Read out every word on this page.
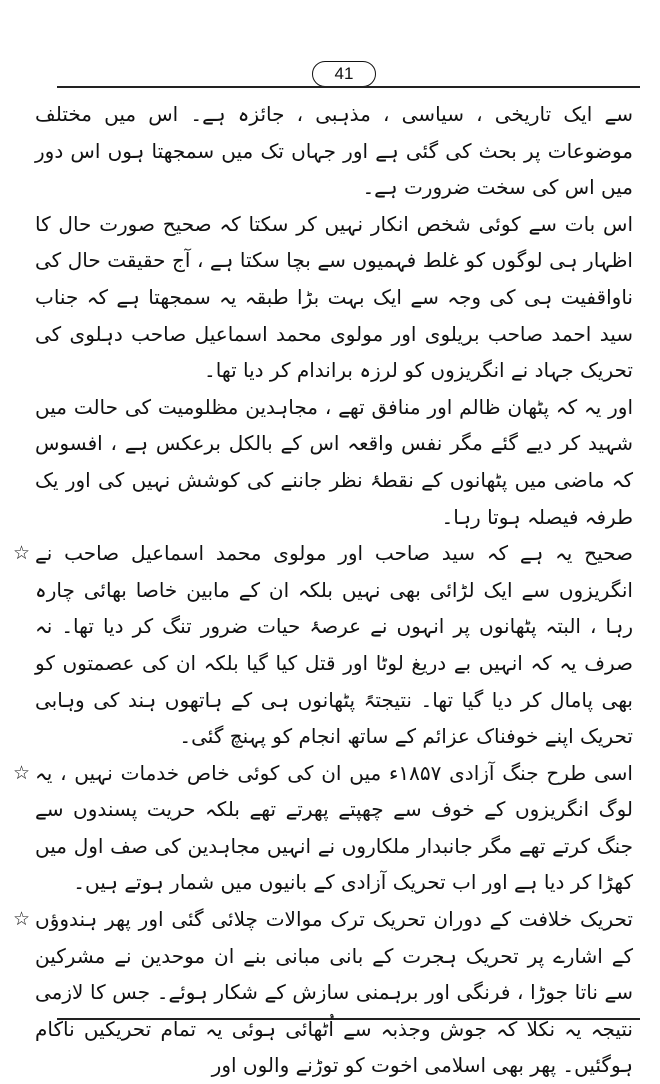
41

سے ایک تاریخی ، سیاسی ، مذہبی ، جائزہ ہے۔ اس میں مختلف موضوعات پر بحث کی گئی ہے اور جہاں تک میں سمجھتا ہوں اس دور میں اس کی سخت ضرورت ہے۔

اس بات سے کوئی شخص انکار نہیں کر سکتا کہ صحیح صورت حال کا اظہار ہی لوگوں کو غلط فہمیوں سے بچا سکتا ہے ، آج حقیقت حال کی ناواقفیت ہی کی وجہ سے ایک بہت بڑا طبقہ یہ سمجھتا ہے کہ جناب سید احمد صاحب بریلوی اور مولوی محمد اسماعیل صاحب دہلوی کی تحریک جہاد نے انگریزوں کو لرزہ براندام کر دیا تھا۔

اور یہ کہ پٹھان ظالم اور منافق تھے ، مجاہدین مظلومیت کی حالت میں شہید کر دیے گئے مگر نفس واقعہ اس کے بالکل برعکس ہے ، افسوس کہ ماضی میں پٹھانوں کے نقطۂ نظر جاننے کی کوشش نہیں کی اور یک طرفہ فیصلہ ہوتا رہا۔

☆ صحیح یہ ہے کہ سید صاحب اور مولوی محمد اسماعیل صاحب نے انگریزوں سے ایک لڑائی بھی نہیں بلکہ ان کے مابین خاصا بھائی چارہ رہا ، البتہ پٹھانوں پر انہوں نے عرصۂ حیات ضرور تنگ کر دیا تھا۔ نہ صرف یہ کہ انہیں بے دریغ لوٹا اور قتل کیا گیا بلکہ ان کی عصمتوں کو بھی پامال کر دیا گیا تھا۔ نتیجتہً پٹھانوں ہی کے ہاتھوں ہند کی وہابی تحریک اپنے خوفناک عزائم کے ساتھ انجام کو پہنچ گئی۔

☆ اسی طرح جنگ آزادی ۱۸۵۷ء میں ان کی کوئی خاص خدمات نہیں ، یہ لوگ انگریزوں کے خوف سے چھپتے پھرتے تھے بلکہ حریت پسندوں سے جنگ کرتے تھے مگر جانبدار ملکاروں نے انہیں مجاہدین کی صف اول میں کھڑا کر دیا ہے اور اب تحریک آزادی کے بانیوں میں شمار ہوتے ہیں۔

☆ تحریک خلافت کے دوران تحریک ترک موالات چلائی گئی اور پھر ہندوؤں کے اشارے پر تحریک ہجرت کے بانی مبانی بنے ان موحدین نے مشرکین سے ناتا جوڑا ، فرنگی اور برہمنی سازش کے شکار ہوئے۔ جس کا لازمی نتیجہ یہ نکلا کہ جوش وجذبہ سے اُٹھائی ہوئی یہ تمام تحریکیں ناکام ہوگئیں۔ پھر بھی اسلامی اخوت کو توڑنے والوں اور
